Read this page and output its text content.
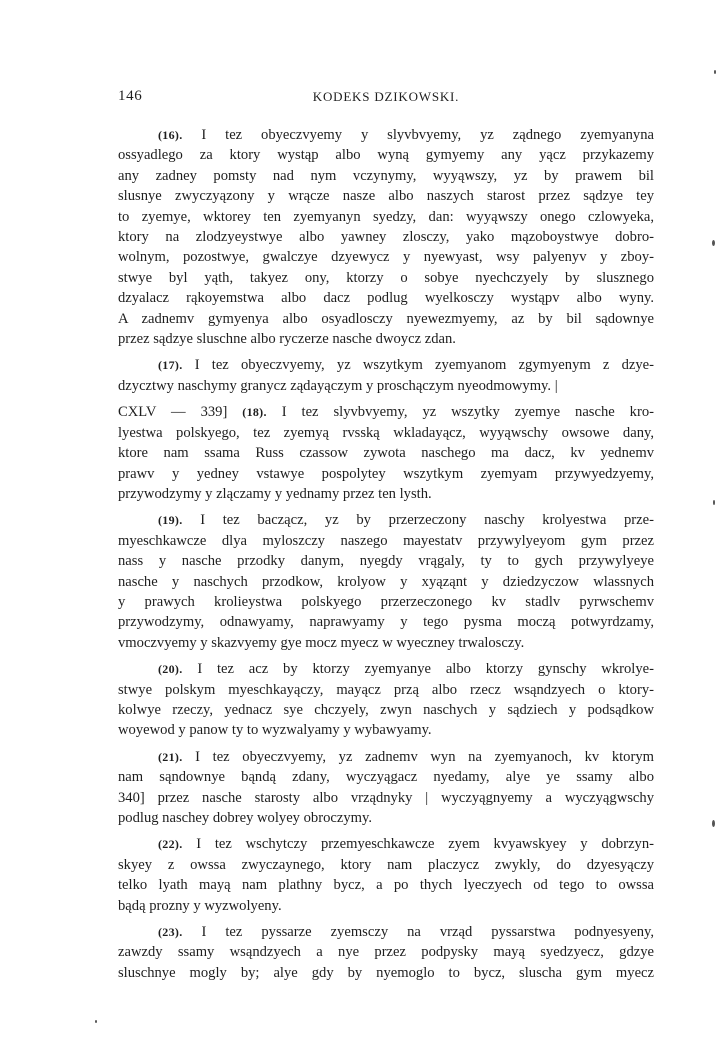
146	KODEKS DZIKOWSKI.

(16). I tez obyeczvyemy y slyvbvyemy, yz ządnego zyemyanyna
ossyadlego za ktory wystąp albo wyną gymyemy any yącz przykazemy
any zadney pomsty nad nym vczynymy, wyyąwszy, yz by prawem bil
slusnye zwyczyązony y wrącze nasze albo naszych starost przez sądzye tey
to zyemye, wktorey ten zyemyanyn syedzy, dan: wyyąwszy onego czlowyeka,
ktory na zlodzyeystwye albo yawney zlosczy, yako mązoboystwye dobro-
wolnym, pozostwye, gwalczye dzyewycz y nyewyast, wsy palyenyv y zboy-
stwye byl yąth, takyez ony, ktorzy o sobye nyechczyely by slusznego
dzyalacz rąkoyemstwa albo dacz podlug wyelkosczy wystąpv albo wyny.
A zadnemv gymyenya albo osyadlosczy nyewezmyemy, az by bil sądownye
przez sądzye sluschne albo ryczerze nasche dwoycz zdan.

(17). I tez obyeczvyemy, yz wszytkym zyemyanom zgymyenym z dzye-
dzycztwy naschymy granycz ządayączym y proschączym nyeodmowymy. |

CXLV — 339] (18). I tez slyvbvyemy, yz wszytky zyemye nasche kro-
lyestwa polskyego, tez zyemyą rvsską wkladayącz, wyyąwschy owsowe dany,
ktore nam ssama Russ czassow zywota naschego ma dacz, kv yednemv
prawv y yedney vstawye pospolytey wszytkym zyemyam przywyedzyemy,
przywodzymy y zlączamy y yednamy przez ten lysth.

(19). I tez baczącz, yz by przerzeczony naschy krolyestwa prze-
myeschkawcze dlya myloszczy naszego mayestatv przywylyeyom gym przez
nass y nasche przodky danym, nyegdy vrągaly, ty to gych przywylyeye
nasche y naschych przodkow, krolyow y xyąząnt y dziedzyczow wlassnych
y prawych krolieystwa polskyego przerzeczonego kv stadlv pyrwschemv
przywodzymy, odnawyamy, naprawyamy y tego pysma moczą potwyrdzamy,
vmoczvyemy y skazvyemy gye mocz myecz w wyeczney trwalosczy.

(20). I tez acz by ktorzy zyemyanye albo ktorzy gynschy wkrolye-
stwye polskym myeschkayączy, mayącz przą albo rzecz wsąndzyech o ktory-
kolwye rzeczy, yednacz sye chczyely, zwyn naschych y sądziech y podsądkow
woyewod y panow ty to wyzwalyamy y wybawyamy.

(21). I tez obyeczvyemy, yz zadnemv wyn na zyemyanoch, kv ktorym
nam sąndownye bąndą zdany, wyczyągacz nyedamy, alye ye ssamy albo
340] przez nasche starosty albo vrządnyky | wyczyągnyemy a wyczyągwschy
podlug naschey dobrey wolyey obroczymy.

(22). I tez wschytczy przemyeschkawcze zyem kvyawskyey y dobrzyn-
skyey z owssa zwyczaynego, ktory nam placzycz zwykly, do dzyesyączy
telko lyath mayą nam plathny bycz, a po thych lyeczyech od tego to owssa
bądą prozny y wyzwolyeny.

(23). I tez pyssarze zyemsczy na vrząd pyssarstwa podnyesyeny,
zawzdy ssamy wsąndzyech a nye przez podpysky mayą syedzyecz, gdzye
sluschnye mogly by; alye gdy by nyemoglo to bycz, sluscha gym myecz
